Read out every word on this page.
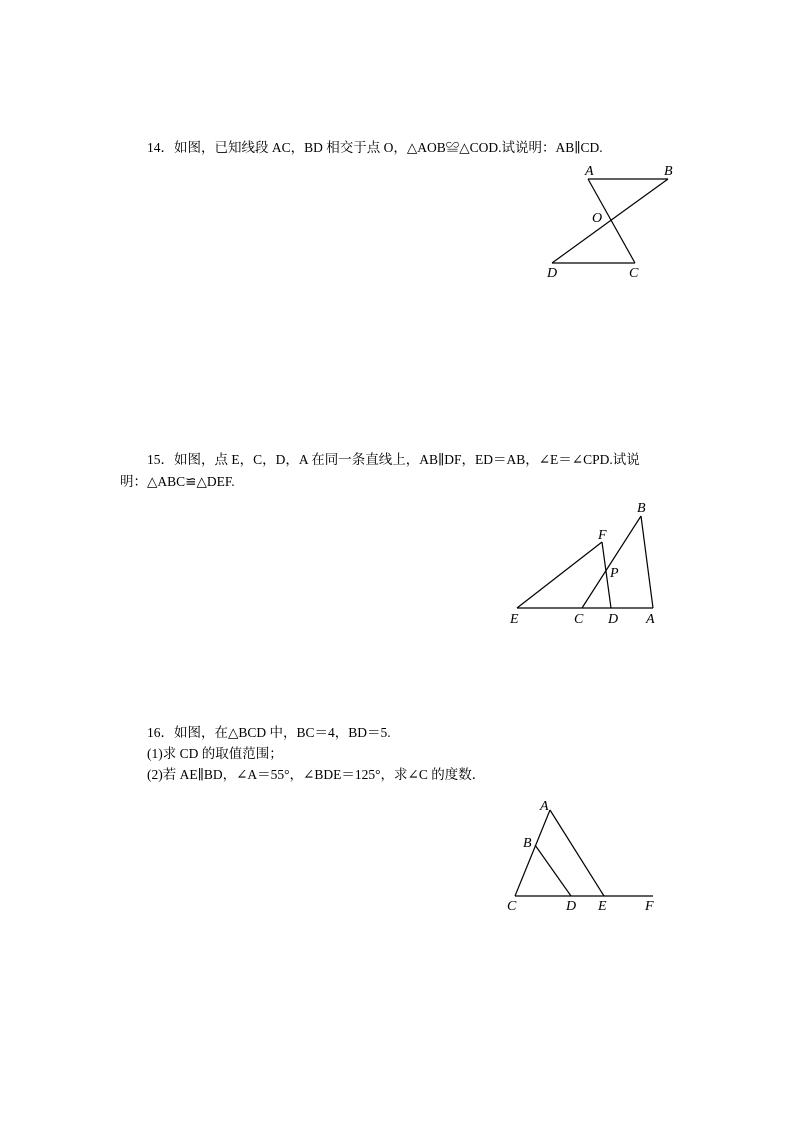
14．如图，已知线段 AC，BD 相交于点 O，△AOB≌△COD.试说明：AB∥CD.
15．如图，点 E，C，D，A 在同一条直线上，AB∥DF，ED＝AB，∠E＝∠CPD.试说
明：△ABC≌△DEF.
16．如图，在△BCD 中，BC＝4，BD＝5.
(1)求 CD 的取值范围；
(2)若 AE∥BD，∠A＝55°，∠BDE＝125°，求∠C 的度数．
A	B
O
D	C
B
F
P
E	C D A
A
B
C	D E	F
